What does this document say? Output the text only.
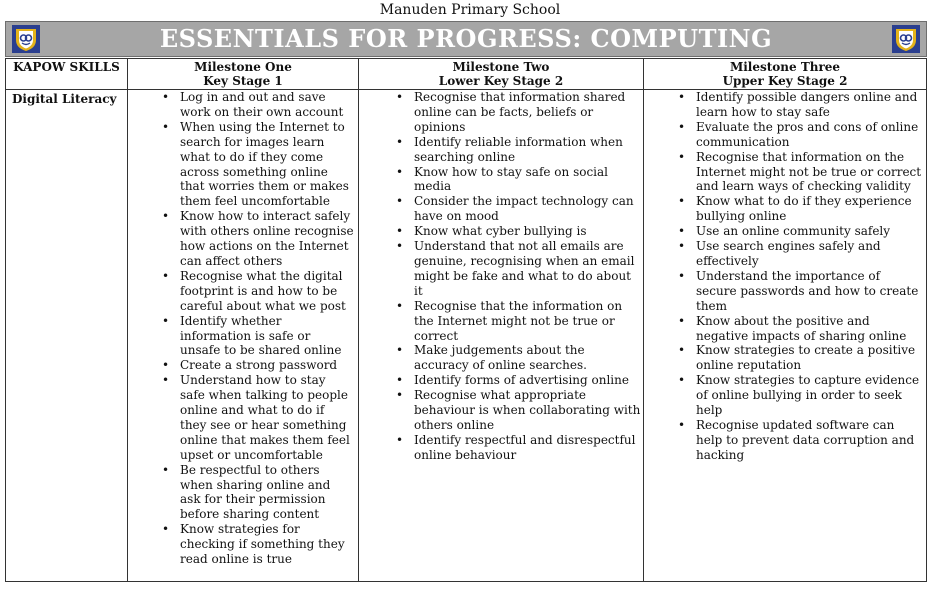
Manuden Primary School
ESSENTIALS FOR PROGRESS: COMPUTING
KAPOW SKILLS
Digital Literacy
Milestone One
Key Stage 1
• Log in and out and save work on their own account
• When using the Internet to search for images learn what to do if they come across something online that worries them or makes them feel uncomfortable
• Know how to interact safely with others online recognise how actions on the Internet can affect others
• Recognise what the digital footprint is and how to be careful about what we post
• Identify whether information is safe or unsafe to be shared online
• Create a strong password
• Understand how to stay safe when talking to people online and what to do if they see or hear something online that makes them feel upset or uncomfortable
• Be respectful to others when sharing online and ask for their permission before sharing content
• Know strategies for checking if something they read online is true
Milestone Two
Lower Key Stage 2
• Recognise that information shared online can be facts, beliefs or opinions
• Identify reliable information when searching online
• Know how to stay safe on social media
• Consider the impact technology can have on mood
• Know what cyber bullying is
• Understand that not all emails are genuine, recognising when an email might be fake and what to do about it
• Recognise that the information on the Internet might not be true or correct
• Make judgements about the accuracy of online searches.
• Identify forms of advertising online
• Recognise what appropriate behaviour is when collaborating with others online
• Identify respectful and disrespectful online behaviour
Milestone Three
Upper Key Stage 2
• Identify possible dangers online and learn how to stay safe
• Evaluate the pros and cons of online communication
• Recognise that information on the Internet might not be true or correct and learn ways of checking validity
• Know what to do if they experience bullying online
• Use an online community safely
• Use search engines safely and effectively
• Understand the importance of secure passwords and how to create them
• Know about the positive and negative impacts of sharing online
• Know strategies to create a positive online reputation
• Know strategies to capture evidence of online bullying in order to seek help
• Recognise updated software can help to prevent data corruption and hacking
